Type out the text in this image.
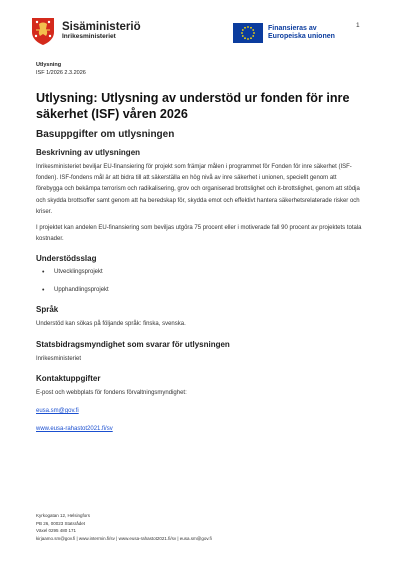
Sisäministeriö
Inrikesministeriet
Finansieras av
Europeiska unionen
1
Utlysning
ISF 1/2026 2.3.2026
Utlysning: Utlysning av understöd ur fonden för inre säkerhet (ISF) våren 2026
Basuppgifter om utlysningen
Beskrivning av utlysningen

Inrikesministeriet beviljar EU-finansiering för projekt som främjar målen i programmet för Fonden för inre säkerhet (ISF-fonden). ISF-fondens mål är att bidra till att säkerställa en hög nivå av inre säkerhet i unionen, speciellt genom att förebygga och bekämpa terrorism och radikalisering, grov och organiserad brottslighet och it-brottslighet, genom att stödja och skydda brottsoffer samt genom att ha beredskap för, skydda emot och effektivt hantera säkerhetsrelaterade risker och kriser.

I projektet kan andelen EU-finansiering som beviljas utgöra 75 procent eller i motiverade fall 90 procent av projektets totala kostnader.

Understödsslag
• Utvecklingsprojekt
• Upphandlingsprojekt
Språk

Understöd kan sökas på följande språk: finska, svenska.

Statsbidragsmyndighet som svarar för utlysningen

Inrikesministeriet

Kontaktuppgifter

E-post och webbplats för fondens förvaltningsmyndighet:

eusa.sm@gov.fi
www.eusa-rahastot2021.fi/sv
Kyrkogatan 12, Helsingfors
PB 26, 00023 Statsrådet
Växel 0295 480 171
kirjaamo.sm@gov.fi | www.intermin.fi/sv | www.eusa-rahastot2021.fi/sv | eusa.sm@gov.fi
